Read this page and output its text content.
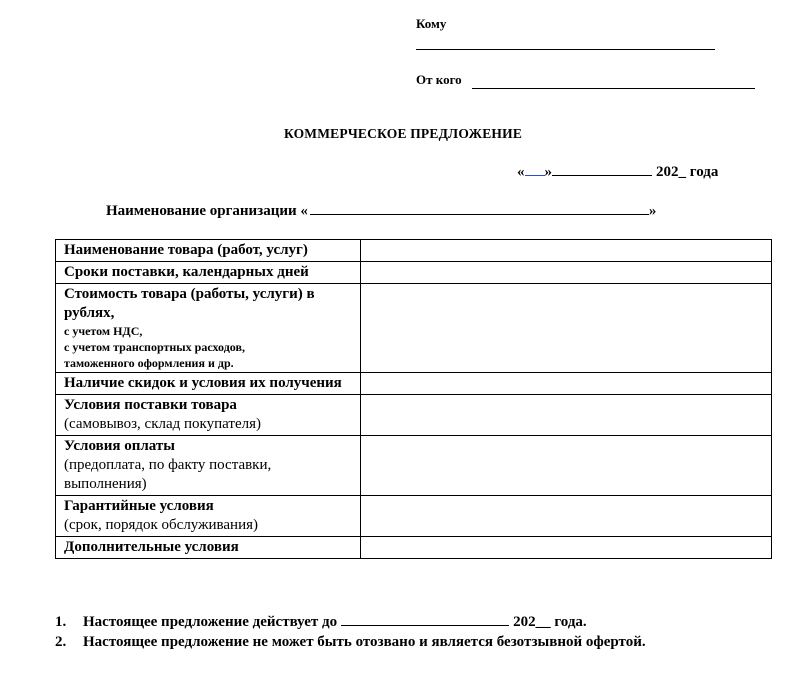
Кому
От кого
КОММЕРЧЕСКОЕ ПРЕДЛОЖЕНИЕ
« »	202_ года
Наименование организации «	»
Наименование товара (работ, услуг)	

Сроки поставки, календарных дней	

Стоимость товара (работы, услуги) в рублях,
с учетом НДС,
с учетом транспортных расходов,
таможенного оформления и др.	

Наличие скидок и условия их получения	

Условия поставки товара
(самовывоз, склад покупателя)	

Условия оплаты
(предоплата, по факту поставки, выполнения)	

Гарантийные условия
(срок, порядок обслуживания)	

Дополнительные условия	

1. Настоящее предложение действует до	202__ года.
2. Настоящее предложение не может быть отозвано и является безотзывной офертой.
